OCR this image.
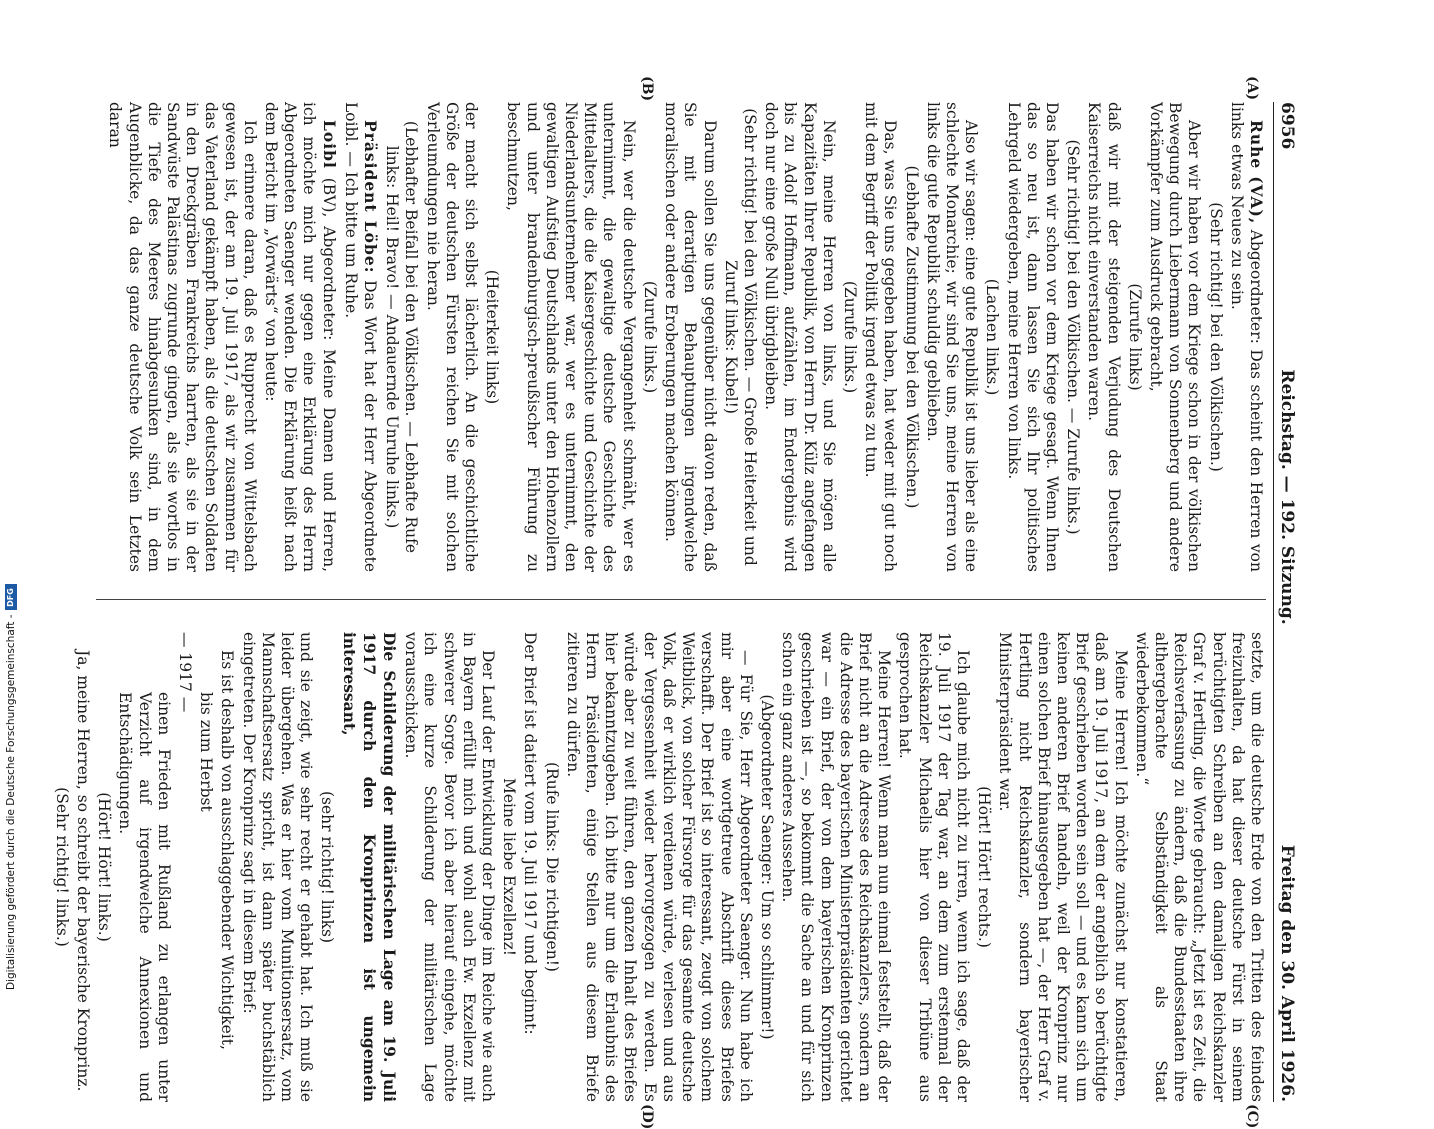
6956
Reichstag. — 192. Sitzung.
Freitag den 30. April 1926.

Ruhe (VA), Abgeordneter: Das scheint den Herren von links etwas Neues zu sein.

(Sehr richtig! bei den Völkischen.)

Aber wir haben vor dem Kriege schon in der völkischen Bewegung durch Liebermann von Sonnenberg und andere Vorkämpfer zum Ausdruck gebracht,

(Zurufe links)

daß wir mit der steigenden Verjudung des Deutschen Kaiserreichs nicht einverstanden waren.

(Sehr richtig! bei den Völkischen. — Zurufe links.)

Das haben wir schon vor dem Kriege gesagt. Wenn Ihnen das so neu ist, dann lassen Sie sich Ihr politisches Lehrgeld wiedergeben, meine Herren von links.

(Lachen links.)

Also wir sagen: eine gute Republik ist uns lieber als eine schlechte Monarchie; wir sind Sie uns, meine Herren von links die gute Republik schuldig geblieben.

(Lebhafte Zustimmung bei den Völkischen.)

Das, was Sie uns gegeben haben, hat weder mit gut noch mit dem Begriff der Politik irgend etwas zu tun.

(Zurufe links.)

Nein, meine Herren von links, und Sie mögen alle Kapazitäten Ihrer Republik, von Herrn Dr. Külz angefangen bis zu Adolf Hoffmann, aufzählen, im Endergebnis wird doch nur eine große Null übrigbleiben.

(Sehr richtig! bei den Völkischen. — Große Heiterkeit und Zuruf links: Kubel!)

Darum sollen Sie uns gegenüber nicht davon reden, daß Sie mit derartigen Behauptungen irgendwelche moralischen oder andere Eroberungen machen können.

(Zurufe links.)

Nein, wer die deutsche Vergangenheit schmäht, wer es unternimmt, die gewaltige deutsche Geschichte des Mittelalters, die die Kaisergeschichte und Geschichte der Niederlandsunternehmer war, wer es unternimmt, den gewaltigen Aufstieg Deutschlands unter den Hohenzollern und unter brandenburgisch-preußischer Führung zu beschmutzen,

(Heiterkeit links)

der macht sich selbst lächerlich. An die geschichtliche Größe der deutschen Fürsten reichen Sie mit solchen Verleumdungen nie heran.

(Lebhafter Beifall bei den Völkischen. — Lebhafte Rufe links: Heil! Bravo! — Andauernde Unruhe links.)

Präsident Löbe: Das Wort hat der Herr Abgeordnete Loibl. — Ich bitte um Ruhe.

Loibl (BV), Abgeordneter: Meine Damen und Herren, ich möchte mich nur gegen eine Erklärung des Herrn Abgeordneten Saenger wenden. Die Erklärung heißt nach dem Bericht im „Vorwärts“ von heute:

Ich erinnere daran, daß es Rupprecht von Wittelsbach gewesen ist, der am 19. Juli 1917, als wir zusammen für das Vaterland gekämpft haben, als die deutschen Soldaten in den Dreckgräben Frankreichs harrten, als sie in der Sandwüste Palästinas zugrunde gingen, als sie wortlos in die Tiefe des Meeres hinabgesunken sind, in dem Augenblicke, da das ganze deutsche Volk sein Letztes daran

setzte, um die deutsche Erde von den Tritten des feindes freizuhalten, da hat dieser deutsche Fürst in seinem berüchtigten Schreiben an den damaligen Reichskanzler Graf v. Hertling, die Worte gebraucht: „Jetzt ist es Zeit, die Reichsverfassung zu ändern, daß die Bundesstaaten ihre althergebrachte Selbständigkeit als Staat wiederbekommen.“

Meine Herren! Ich möchte zunächst nur konstatieren, daß am 19. Juli 1917, an dem der angeblich so berüchtigte Brief geschrieben worden sein soll — und es kann sich um keinen anderen Brief handeln, weil der Kronprinz nur einen solchen Brief hinausgegeben hat —, der Herr Graf v. Hertling nicht Reichskanzler, sondern bayerischer Ministerpräsident war.

(Hört! Hört! rechts.)

Ich glaube mich nicht zu irren, wenn ich sage, daß der 19. Juli 1917 der Tag war, an dem zum erstenmal der Reichskanzler Michaelis hier von dieser Tribüne aus gesprochen hat.

Meine Herren! Wenn man nun einmal feststellt, daß der Brief nicht an die Adresse des Reichskanzlers, sondern an die Adresse des bayerischen Ministerpräsidenten gerichtet war — ein Brief, der von dem bayerischen Kronprinzen geschrieben ist —, so bekommt die Sache an und für sich schon ein ganz anderes Aussehen.

(Abgeordneter Saenger: Um so schlimmer!)

— Für Sie, Herr Abgeordneter Saenger. Nun habe ich mir aber eine wortgetreue Abschrift dieses Briefes verschafft. Der Brief ist so interessant, zeugt von solchem Weitblick, von solcher Fürsorge für das gesamte deutsche Volk, daß er wirklich verdienen würde, verlesen und aus der Vergessenheit wieder hervorgezogen zu werden. Es würde aber zu weit führen, den ganzen Inhalt des Briefes hier bekanntzugeben. Ich bitte nur um die Erlaubnis des Herrn Präsidenten, einige Stellen aus diesem Briefe zitieren zu dürfen.

(Rufe links: Die richtigen!)

Der Brief ist datiert vom 19. Juli 1917 und beginnt:

Meine liebe Exzellenz!

Der Lauf der Entwicklung der Dinge im Reiche wie auch in Bayern erfüllt mich und wohl auch Ew. Exzellenz mit schwerer Sorge. Bevor ich aber hierauf eingehe, möchte ich eine kurze Schilderung der militärischen Lage vorausschicken.

Die Schilderung der militärischen Lage am 19. Juli 1917 durch den Kronprinzen ist ungemein interessant,

(sehr richtig! links)

und sie zeigt, wie sehr recht er gehabt hat. Ich muß sie leider übergehen. Was er hier vom Munitionsersatz, vom Mannschaftsersatz spricht, ist dann später buchstäblich eingetreten. Der Kronprinz sagt in diesem Brief:

Es ist deshalb von ausschlaggebender Wichtigkeit,

bis zum Herbst

— 1917 —

einen Frieden mit Rußland zu erlangen unter Verzicht auf irgendwelche Annexionen und Entschädigungen.

(Hört! Hört! links.)

Ja, meine Herren, so schreibt der bayerische Kronprinz.

(Sehr richtig! links.)

(A)
(B)
(C)
(D)
Digitalisierung gefördert durch die Deutsche Forschungsgemeinschaft -
DFG
